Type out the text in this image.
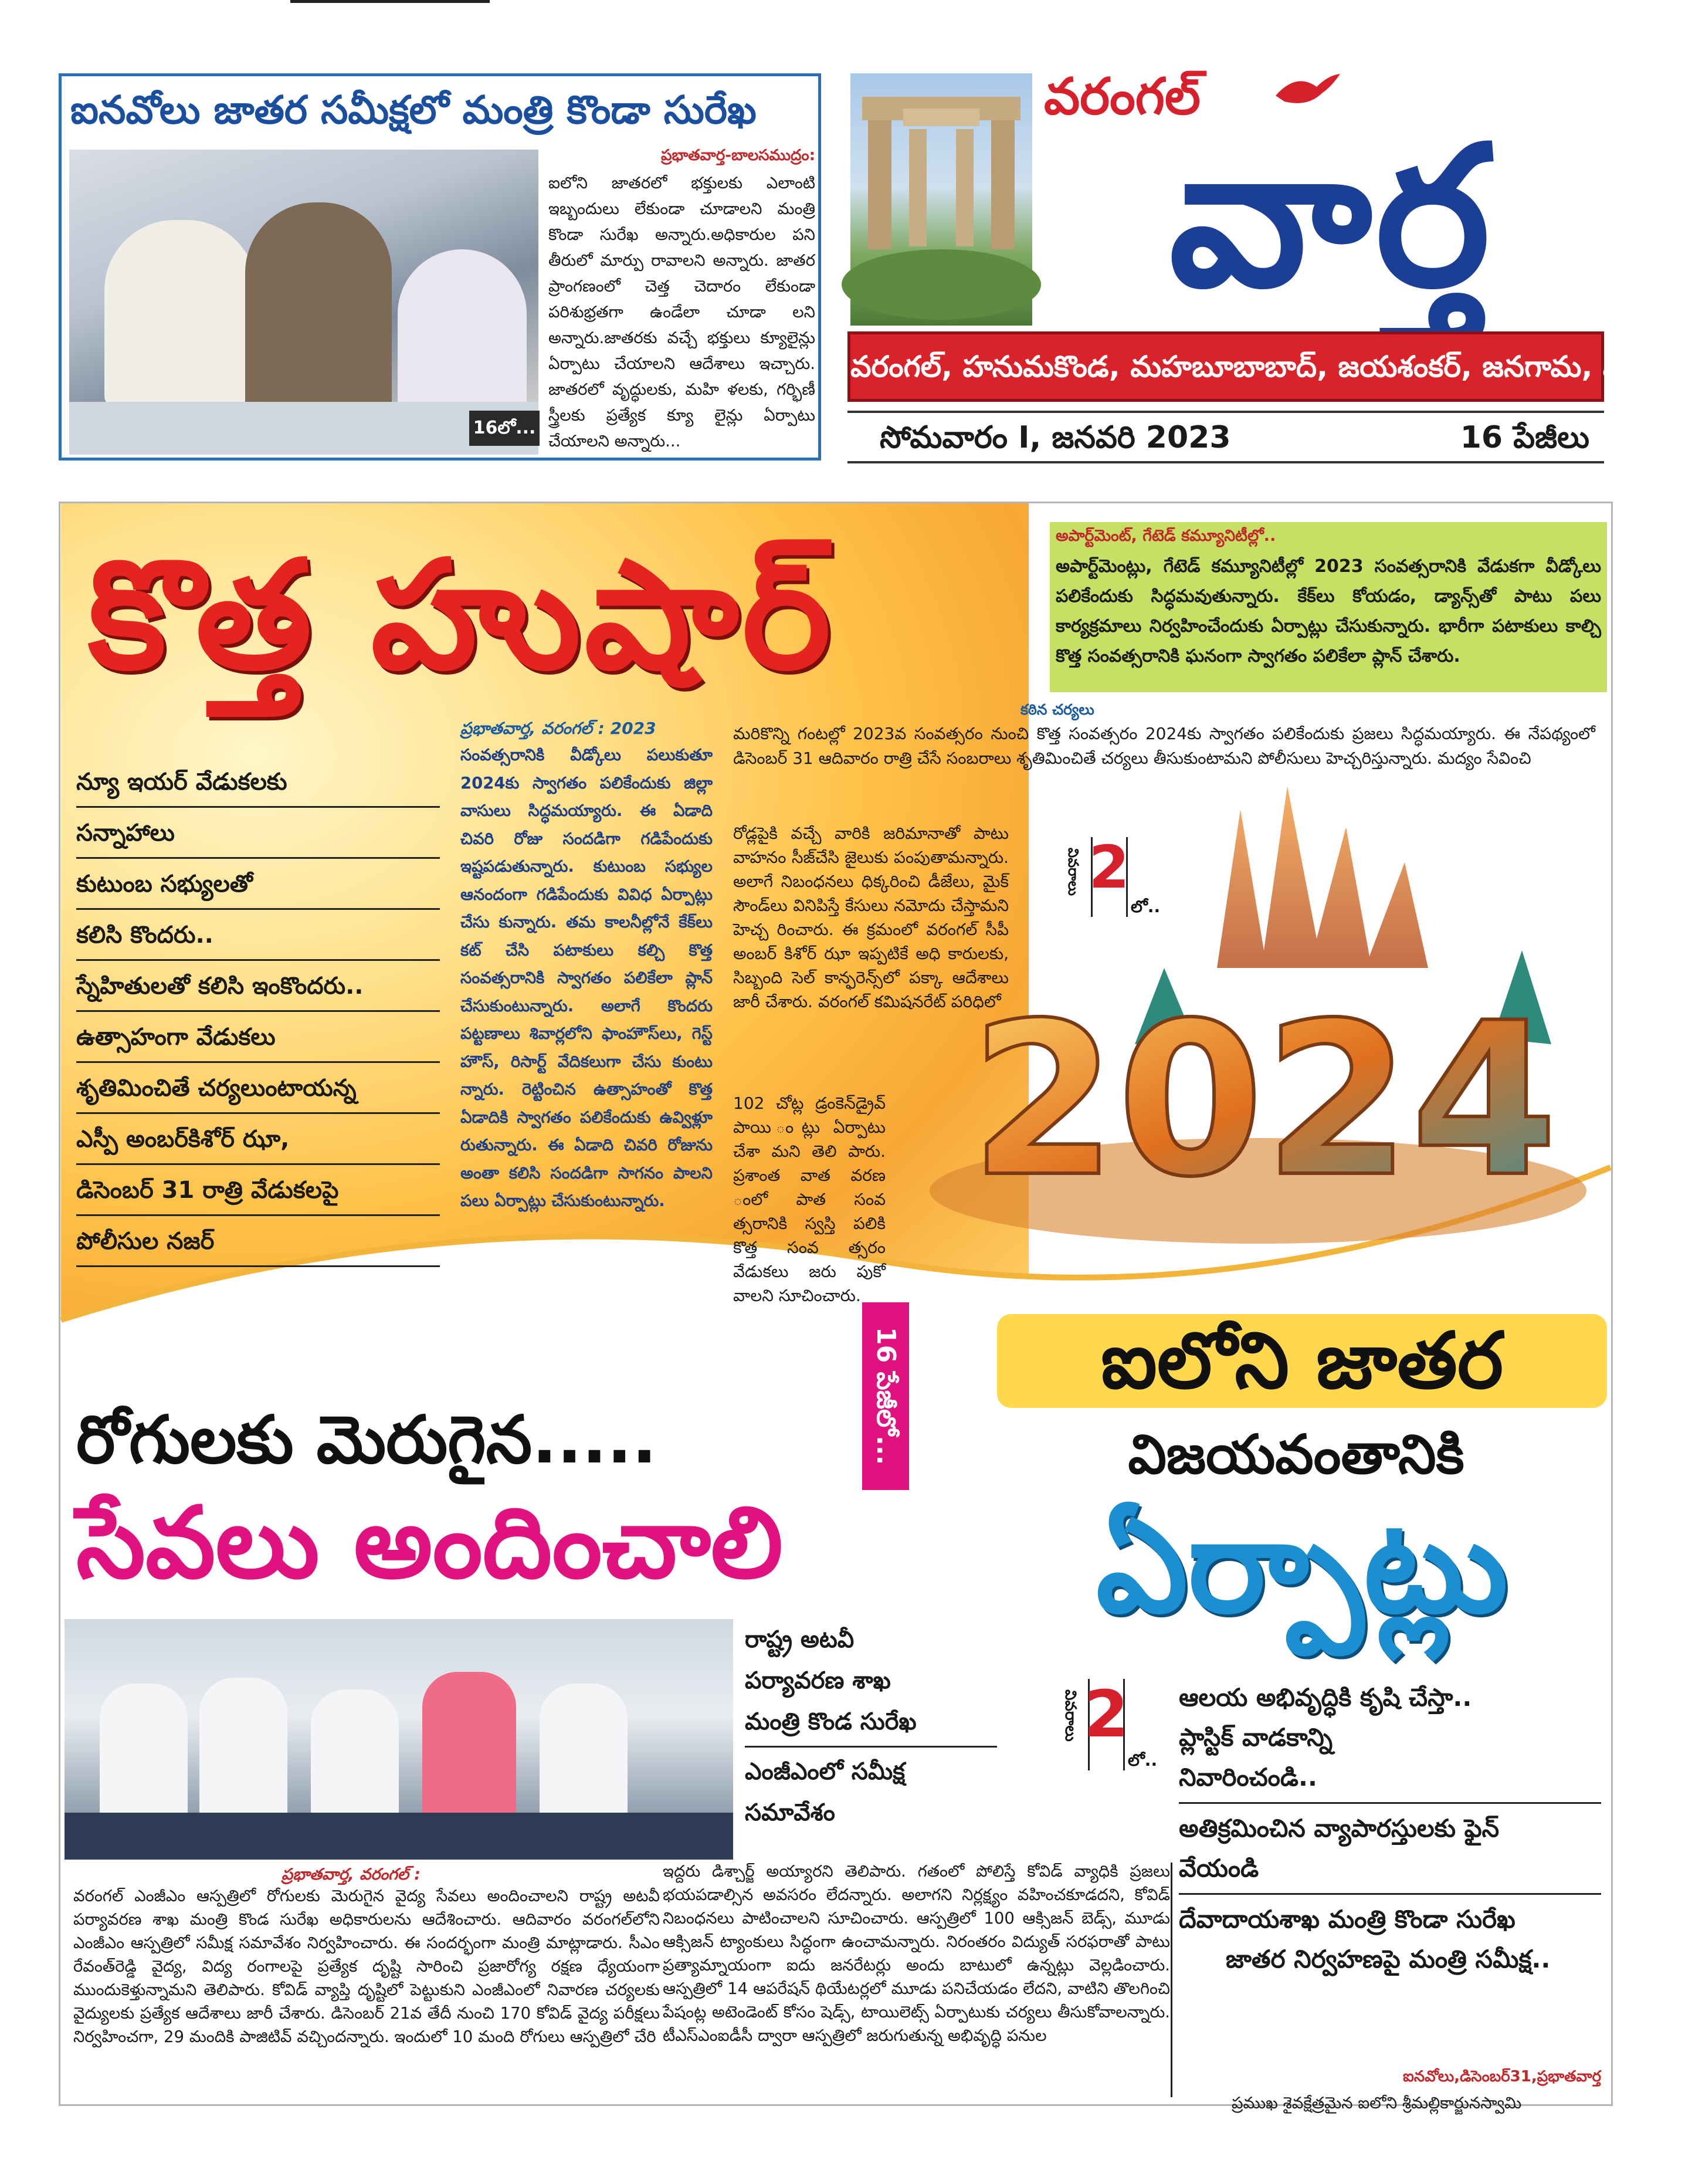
ఐనవోలు జాతర సమీక్షలో మంత్రి కొండా సురేఖ
16లో...
ప్రభాతవార్త-బాలసముద్రం:

ఐలోని జాతరలో భక్తులకు ఎలాంటి ఇబ్బందులు లేకుండా చూడాలని మంత్రి కొండా సురేఖ అన్నారు.అధికారుల పని తీరులో మార్పు రావాలని అన్నారు. జాతర ప్రాంగణంలో చెత్త చెదారం లేకుండా పరిశుభ్రతగా ఉండేలా చూడా లని అన్నారు.జాతరకు వచ్చే భక్తులు క్యూలైన్లు ఏర్పాటు చేయాలని ఆదేశాలు ఇచ్చారు. జాతరలో వృద్ధులకు, మహి ళలకు, గర్భిణీ స్త్రీలకు ప్రత్యేక క్యూ లైన్లు ఏర్పాటు చేయాలని అన్నారు...

వరంగల్
వార్త
వరంగల్, హనుమకొండ, మహబూబాబాద్, జయశంకర్, జనగామ, ములుగు
సోమవారం I, జనవరి 2023	16 పేజీలు
కొత్త హుషార్	అపార్ట్‌మెంట్, గేటెడ్ కమ్యూనిటీల్లో..

అపార్ట్‌మెంట్లు, గేటెడ్ కమ్యూనిటీల్లో 2023 సంవత్సరానికి వేడుకగా వీడ్కోలు పలికేందుకు సిద్ధమవుతున్నారు. కేక్‌లు కోయడం, డ్యాన్స్‌తో పాటు పలు కార్యక్రమాలు నిర్వహించేందుకు ఏర్పాట్లు చేసుకున్నారు. భారీగా పటాకులు కాల్చి కొత్త సంవత్సరానికి ఘనంగా స్వాగతం పలికేలా ప్లాన్ చేశారు.

న్యూ ఇయర్ వేడుకలకు
సన్నాహాలు
కుటుంబ సభ్యులతో
కలిసి కొందరు..
స్నేహితులతో కలిసి ఇంకొందరు..
ఉత్సాహంగా వేడుకలు
శృతిమించితే చర్యలుంటాయన్న
ఎస్పీ అంబర్‌కిశోర్ ఝా,
డిసెంబర్ 31 రాత్రి వేడుకలపై
పోలీసుల నజర్
ప్రభాతవార్త, వరంగల్ : 2023

సంవత్సరానికి వీడ్కోలు పలుకుతూ 2024కు స్వాగతం పలికేందుకు జిల్లా వాసులు సిద్ధమయ్యారు. ఈ ఏడాది చివరి రోజు సందడిగా గడిపేందుకు ఇష్టపడుతున్నారు. కుటుంబ సభ్యుల ఆనందంగా గడిపేందుకు వివిధ ఏర్పాట్లు చేసు కున్నారు. తమ కాలనీల్లోనే కేక్‌లు కట్ చేసి పటాకులు కల్చి కొత్త సంవత్సరానికి స్వాగతం పలికేలా ప్లాన్ చేసుకుంటున్నారు. అలాగే కొందరు పట్టణాలు శివార్లలోని ఫాంహౌస్‌లు, గెస్ట్ హౌస్, రిసార్ట్ వేదికలుగా చేసు కుంటు న్నారు. రెట్టించిన ఉత్సాహంతో కొత్త ఏడాదికి స్వాగతం పలికేందుకు ఉవ్విళ్లూ రుతున్నారు. ఈ ఏడాది చివరి రోజును అంతా కలిసి సందడిగా సాగనం పాలని పలు ఏర్పాట్లు చేసుకుంటున్నారు.

కఠిన చర్యలు

మరికొన్ని గంటల్లో 2023వ సంవత్సరం నుంచి కొత్త సంవత్సరం 2024కు స్వాగతం పలికేందుకు ప్రజలు సిద్ధమయ్యారు. ఈ నేపథ్యంలో డిసెంబర్ 31 ఆదివారం రాత్రి చేసే సంబరాలు శృతిమించితే చర్యలు తీసుకుంటామని పోలీసులు హెచ్చరిస్తున్నారు. మద్యం సేవించి

రోడ్లపైకి వచ్చే వారికి జరిమానాతో పాటు వాహనం సీజ్‌చేసి జైలుకు పంపుతామన్నారు. అలాగే నిబంధనలు ధిక్కరించి డీజేలు, మైక్ సౌండ్‌లు వినిపిస్తే కేసులు నమోదు చేస్తామని హెచ్చ రించారు. ఈ క్రమంలో వరంగల్ సీపీ అంబర్ కిశోర్ ఝా ఇప్పటికే అధి కారులకు, సిబ్బంది సెల్ కాన్ఫరెన్స్‌లో పక్కా ఆదేశాలు జారీ చేశారు. వరంగల్ కమిషనరేట్ పరిధిలో

102 చోట్ల డ్రంకెన్‌డ్రైవ్ పాయి ంట్లు ఏర్పాటు చేశా మని తెలి పారు. ప్రశాంత వాత వరణ ంలో పాత సంవ త్సరానికి స్వస్తి పలికి కొత్త సంవ త్సరం వేడుకలు జరు పుకో వాలని సూచించారు.

2024
వివరాలు 2
లో..
ఐలోని జాతర
విజయవంతానికి
ఏర్పాట్లు
రోగులకు మెరుగైన.....
సేవలు అందించాలి
16 పేజీలో...
రాష్ట్ర అటవీ
పర్యావరణ శాఖ
మంత్రి కొండ సురేఖ
ఎంజీఎంలో సమీక్ష
సమావేశం
వివరాలు 2
లో..
ఆలయ అభివృద్ధికి కృషి చేస్తా..
ప్లాస్టిక్ వాడకాన్ని
నివారించండి..
అతిక్రమించిన వ్యాపారస్తులకు ఫైన్
వేయండి
దేవాదాయశాఖ మంత్రి కొండా సురేఖ
జాతర నిర్వహణపై మంత్రి సమీక్ష..
ప్రభాతవార్త, వరంగల్ :

వరంగల్ ఎంజీఎం ఆస్పత్రిలో రోగులకు మెరుగైన వైద్య సేవలు అందించాలని రాష్ట్ర అటవీ పర్యావరణ శాఖ మంత్రి కొండ సురేఖ అధికారులను ఆదేశించారు. ఆదివారం వరంగల్‌లోని ఎంజీఎం ఆస్పత్రిలో సమీక్ష సమావేశం నిర్వహించారు. ఈ సందర్భంగా మంత్రి మాట్లాడారు. సీఎం రేవంత్‌రెడ్డి వైద్య, విద్య రంగాలపై ప్రత్యేక దృష్టి సారించి ప్రజారోగ్య రక్షణ ధ్యేయంగా ముందుకెళ్తున్నామని తెలిపారు. కోవిడ్ వ్యాప్తి దృష్టిలో పెట్టుకుని ఎంజీఎంలో నివారణ చర్యలకు వైద్యులకు ప్రత్యేక ఆదేశాలు జారీ చేశారు. డిసెంబర్ 21వ తేదీ నుంచి 170 కోవిడ్ వైద్య పరీక్షలు నిర్వహించగా, 29 మందికి పాజిటివ్ వచ్చిందన్నారు. ఇందులో 10 మంది రోగులు ఆస్పత్రిలో చేరి

ఇద్దరు డిశ్చార్జ్ అయ్యారని తెలిపారు. గతంలో పోలిస్తే కోవిడ్ వ్యాధికి ప్రజలు భయపడాల్సిన అవసరం లేదన్నారు. అలాగని నిర్లక్ష్యం వహించకూడదని, కోవిడ్ నిబంధనలు పాటించాలని సూచించారు. ఆస్పత్రిలో 100 ఆక్సిజన్ బెడ్స్, మూడు ఆక్సిజన్ ట్యాంకులు సిద్ధంగా ఉంచామన్నారు. నిరంతరం విద్యుత్ సరఫరాతో పాటు ప్రత్యామ్నాయంగా ఐదు జనరేటర్లు అందు బాటులో ఉన్నట్లు వెల్లడించారు. ఆస్పత్రిలో 14 ఆపరేషన్ థియేటర్లలో మూడు పనిచేయడం లేదని, వాటిని తొలగించి పేషంట్ల అటెండెంట్ కోసం షెడ్స్, టాయిలెట్స్ ఏర్పాటుకు చర్యలు తీసుకోవాలన్నారు. టీఎస్ఎంఐడీసీ ద్వారా ఆస్పత్రిలో జరుగుతున్న అభివృద్ధి పనుల

ఐనవోలు,డిసెంబర్31,ప్రభాతవార్త

ప్రముఖ శైవక్షేత్రమైన ఐలోని శ్రీమల్లికార్జునస్వామి
